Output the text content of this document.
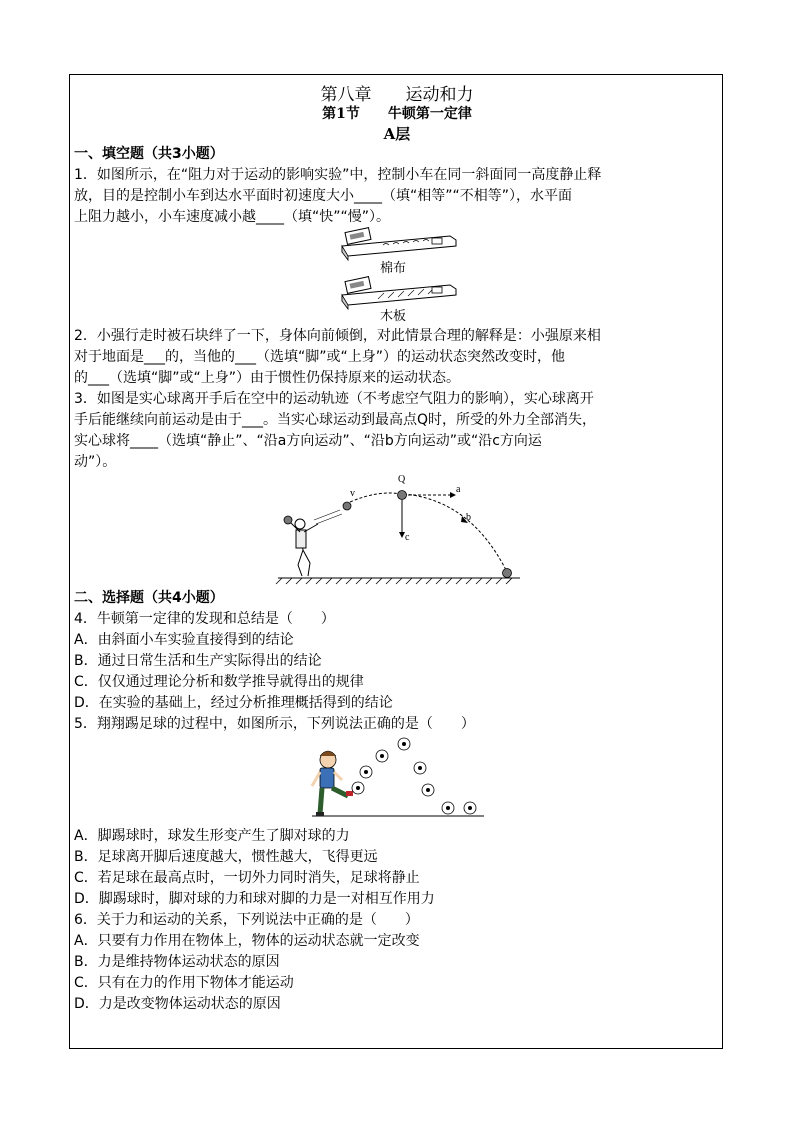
第八章　　运动和力
第1节　　牛顿第一定律
A层
一、填空题（共3小题）
1．如图所示，在“阻力对于运动的影响实验”中，控制小车在同一斜面同一高度静止释
放，目的是控制小车到达水平面时初速度大小____（填“相等”“不相等”），水平面
上阻力越小，小车速度减小越____（填“快”“慢”）。
棉布
木板
2．小强行走时被石块绊了一下，身体向前倾倒，对此情景合理的解释是：小强原来相
对于地面是___的，当他的___（选填“脚”或“上身”）的运动状态突然改变时，他
的___（选填“脚”或“上身”）由于惯性仍保持原来的运动状态。
3．如图是实心球离开手后在空中的运动轨迹（不考虑空气阻力的影响），实心球离开
手后能继续向前运动是由于___。当实心球运动到最高点Q时，所受的外力全部消失，
实心球将____（选填“静止”、“沿a方向运动”、“沿b方向运动”或“沿c方向运
动”）。
v
Q
a
b
c
二、选择题（共4小题）
4．牛顿第一定律的发现和总结是（　　）
A．由斜面小车实验直接得到的结论
B．通过日常生活和生产实际得出的结论
C．仅仅通过理论分析和数学推导就得出的规律
D．在实验的基础上，经过分析推理概括得到的结论
5．翔翔踢足球的过程中，如图所示，下列说法正确的是（　　）
A．脚踢球时，球发生形变产生了脚对球的力
B．足球离开脚后速度越大，惯性越大，飞得更远
C．若足球在最高点时，一切外力同时消失，足球将静止
D．脚踢球时，脚对球的力和球对脚的力是一对相互作用力
6．关于力和运动的关系，下列说法中正确的是（　　）
A．只要有力作用在物体上，物体的运动状态就一定改变
B．力是维持物体运动状态的原因
C．只有在力的作用下物体才能运动
D．力是改变物体运动状态的原因
